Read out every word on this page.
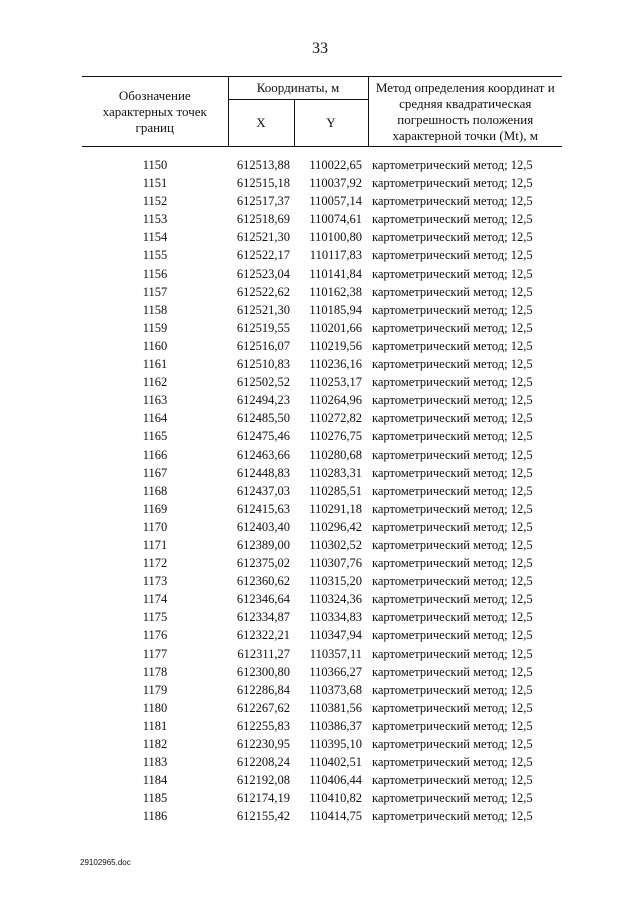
33
Обозначение характерных точек границ	Координаты, м		Метод определения координат и средняя квадратическая погрешность положения характерной точки (Mt), м
	X	Y	
1150	612513,88	110022,65	картометрический метод; 12,5
1151	612515,18	110037,92	картометрический метод; 12,5
1152	612517,37	110057,14	картометрический метод; 12,5
1153	612518,69	110074,61	картометрический метод; 12,5
1154	612521,30	110100,80	картометрический метод; 12,5
1155	612522,17	110117,83	картометрический метод; 12,5
1156	612523,04	110141,84	картометрический метод; 12,5
1157	612522,62	110162,38	картометрический метод; 12,5
1158	612521,30	110185,94	картометрический метод; 12,5
1159	612519,55	110201,66	картометрический метод; 12,5
1160	612516,07	110219,56	картометрический метод; 12,5
1161	612510,83	110236,16	картометрический метод; 12,5
1162	612502,52	110253,17	картометрический метод; 12,5
1163	612494,23	110264,96	картометрический метод; 12,5
1164	612485,50	110272,82	картометрический метод; 12,5
1165	612475,46	110276,75	картометрический метод; 12,5
1166	612463,66	110280,68	картометрический метод; 12,5
1167	612448,83	110283,31	картометрический метод; 12,5
1168	612437,03	110285,51	картометрический метод; 12,5
1169	612415,63	110291,18	картометрический метод; 12,5
1170	612403,40	110296,42	картометрический метод; 12,5
1171	612389,00	110302,52	картометрический метод; 12,5
1172	612375,02	110307,76	картометрический метод; 12,5
1173	612360,62	110315,20	картометрический метод; 12,5
1174	612346,64	110324,36	картометрический метод; 12,5
1175	612334,87	110334,83	картометрический метод; 12,5
1176	612322,21	110347,94	картометрический метод; 12,5
1177	612311,27	110357,11	картометрический метод; 12,5
1178	612300,80	110366,27	картометрический метод; 12,5
1179	612286,84	110373,68	картометрический метод; 12,5
1180	612267,62	110381,56	картометрический метод; 12,5
1181	612255,83	110386,37	картометрический метод; 12,5
1182	612230,95	110395,10	картометрический метод; 12,5
1183	612208,24	110402,51	картометрический метод; 12,5
1184	612192,08	110406,44	картометрический метод; 12,5
1185	612174,19	110410,82	картометрический метод; 12,5
1186	612155,42	110414,75	картометрический метод; 12,5
29102965.doc
